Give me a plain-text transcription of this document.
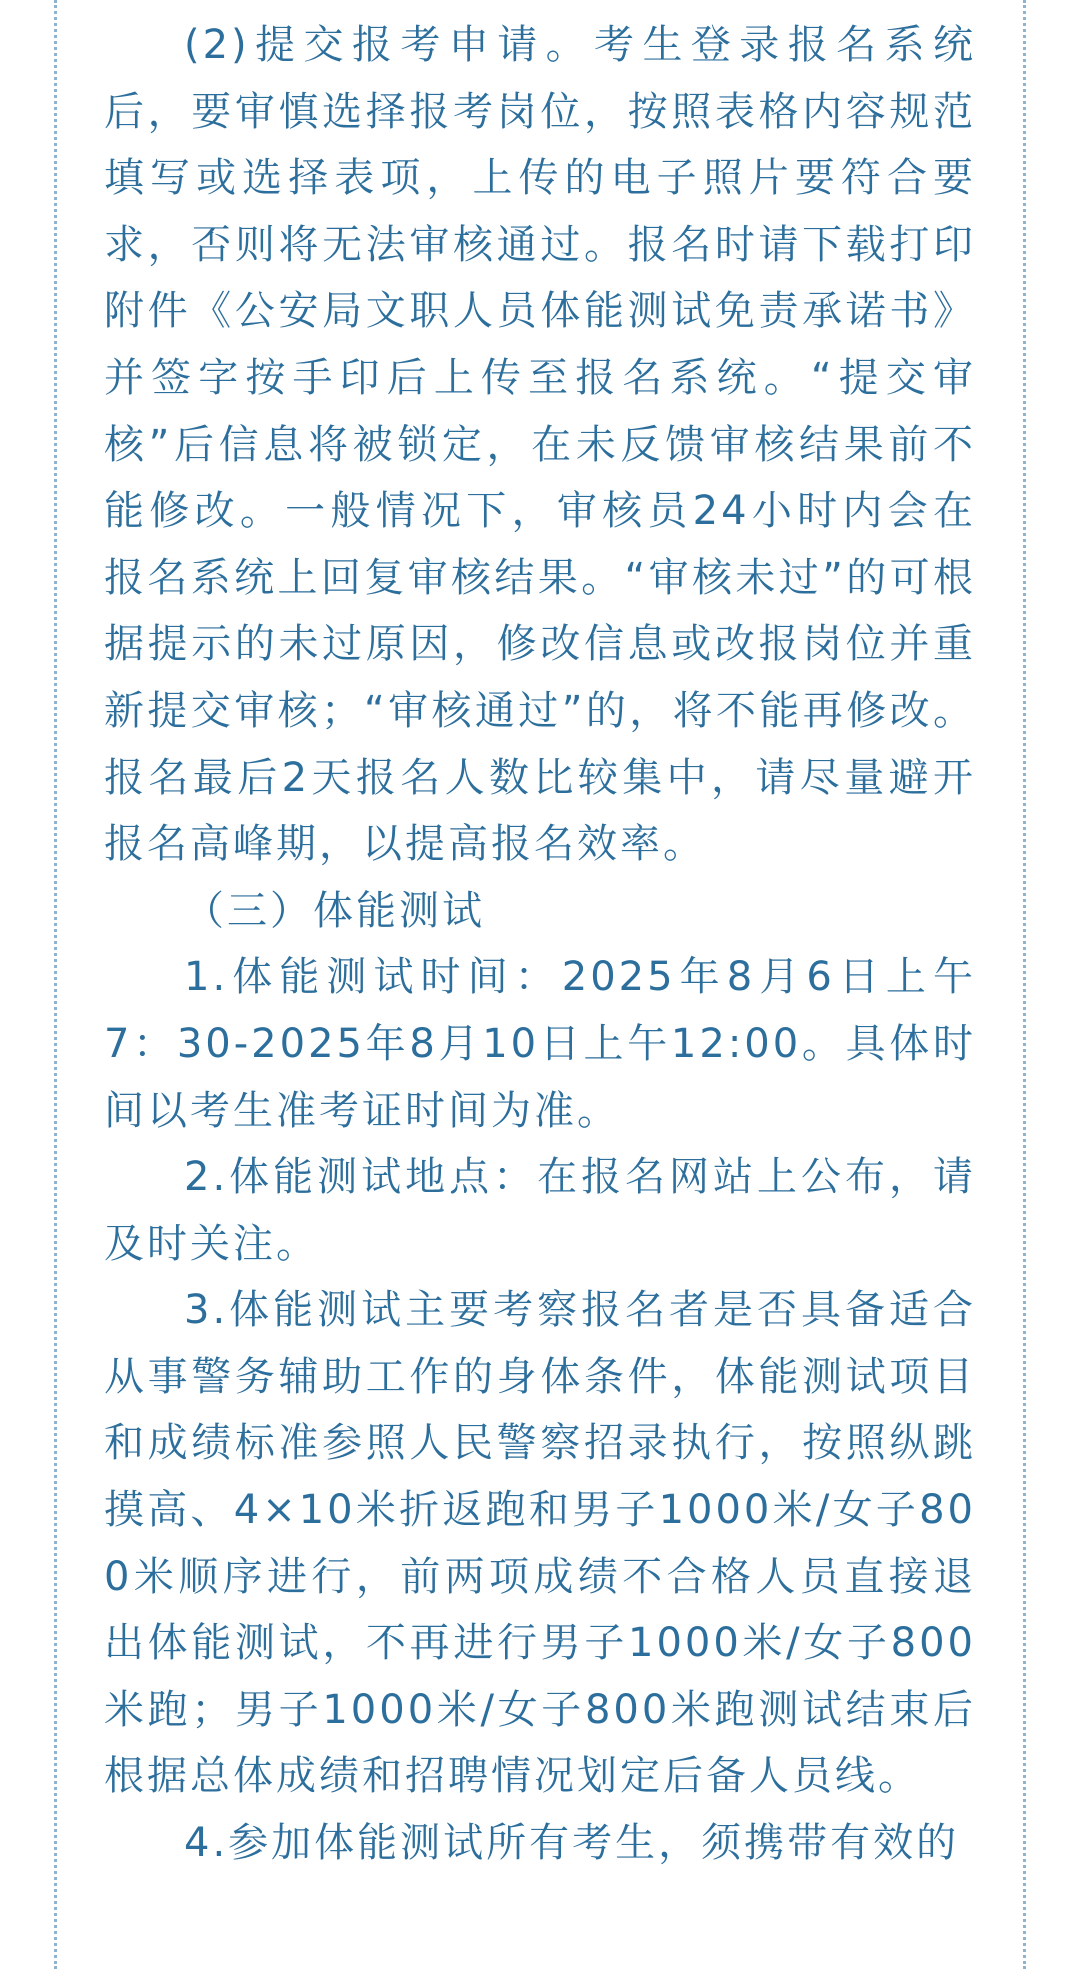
(2)提交报考申请。考生登录报名系统后，要审慎选择报考岗位，按照表格内容规范填写或选择表项，上传的电子照片要符合要求，否则将无法审核通过。报名时请下载打印附件《公安局文职人员体能测试免责承诺书》并签字按手印后上传至报名系统。“提交审核”后信息将被锁定，在未反馈审核结果前不能修改。一般情况下，审核员24小时内会在报名系统上回复审核结果。“审核未过”的可根据提示的未过原因，修改信息或改报岗位并重新提交审核；“审核通过”的，将不能再修改。报名最后2天报名人数比较集中，请尽量避开报名高峰期，以提高报名效率。

（三）体能测试

1.体能测试时间：2025年8月6日上午7：30-2025年8月10日上午12:00。具体时间以考生准考证时间为准。

2.体能测试地点：在报名网站上公布，请及时关注。

3.体能测试主要考察报名者是否具备适合从事警务辅助工作的身体条件，体能测试项目和成绩标准参照人民警察招录执行，按照纵跳摸高、4×10米折返跑和男子1000米/女子800米顺序进行，前两项成绩不合格人员直接退出体能测试，不再进行男子1000米/女子800米跑；男子1000米/女子800米跑测试结束后根据总体成绩和招聘情况划定后备人员线。

4.参加体能测试所有考生，须携带有效的
